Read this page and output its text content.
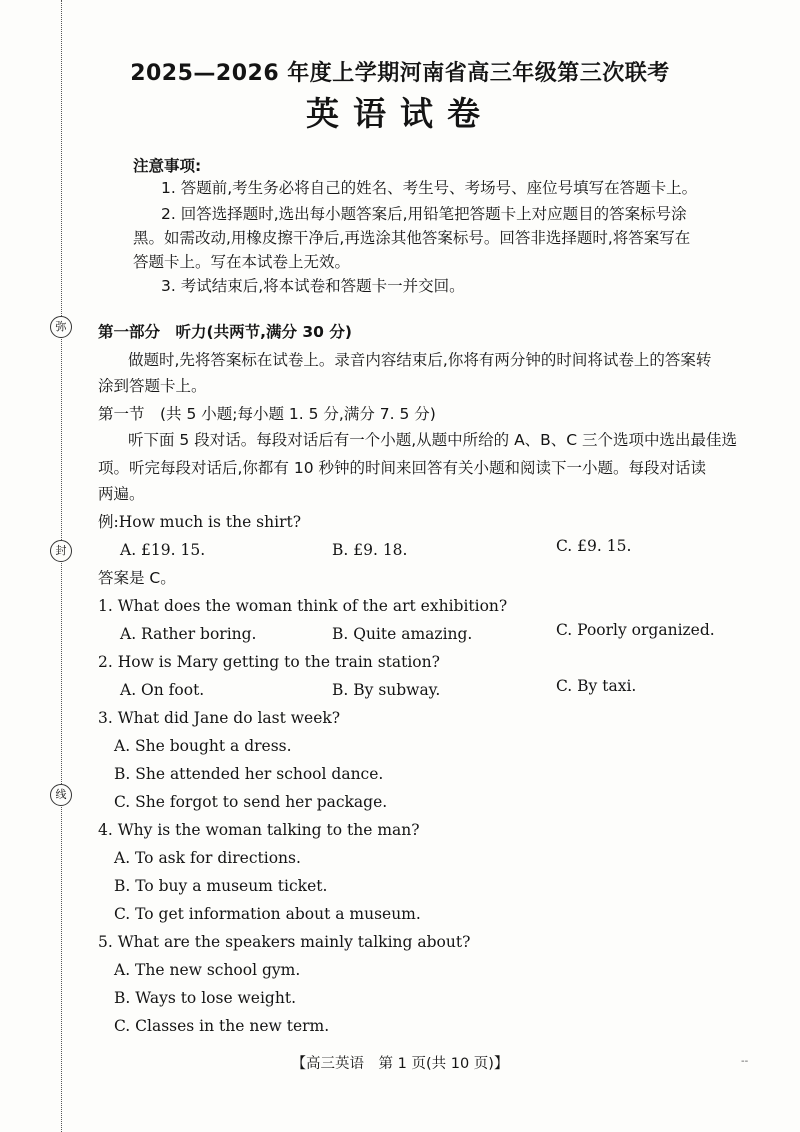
弥
封
线
2025—2026 年度上学期河南省高三年级第三次联考
英语试卷

注意事项:

1. 答题前,考生务必将自己的姓名、考生号、考场号、座位号填写在答题卡上。

2. 回答选择题时,选出每小题答案后,用铅笔把答题卡上对应题目的答案标号涂

黑。如需改动,用橡皮擦干净后,再选涂其他答案标号。回答非选择题时,将答案写在

答题卡上。写在本试卷上无效。

3. 考试结束后,将本试卷和答题卡一并交回。

第一部分　听力(共两节,满分 30 分)

做题时,先将答案标在试卷上。录音内容结束后,你将有两分钟的时间将试卷上的答案转

涂到答题卡上。

第一节　(共 5 小题;每小题 1. 5 分,满分 7. 5 分)

听下面 5 段对话。每段对话后有一个小题,从题中所给的 A、B、C 三个选项中选出最佳选

项。听完每段对话后,你都有 10 秒钟的时间来回答有关小题和阅读下一小题。每段对话读

两遍。

例:How much is the shirt?

A. £19. 15.	B. £9. 18.	C. £9. 15.

答案是 C。

1. What does the woman think of the art exhibition?

A. Rather boring.	B. Quite amazing.	C. Poorly organized.

2. How is Mary getting to the train station?

A. On foot.	B. By subway.	C. By taxi.

3. What did Jane do last week?

A. She bought a dress.

B. She attended her school dance.

C. She forgot to send her package.

4. Why is the woman talking to the man?

A. To ask for directions.

B. To buy a museum ticket.

C. To get information about a museum.

5. What are the speakers mainly talking about?

A. The new school gym.

B. Ways to lose weight.

C. Classes in the new term.

【高三英语　第 1 页(共 10 页)】	--
